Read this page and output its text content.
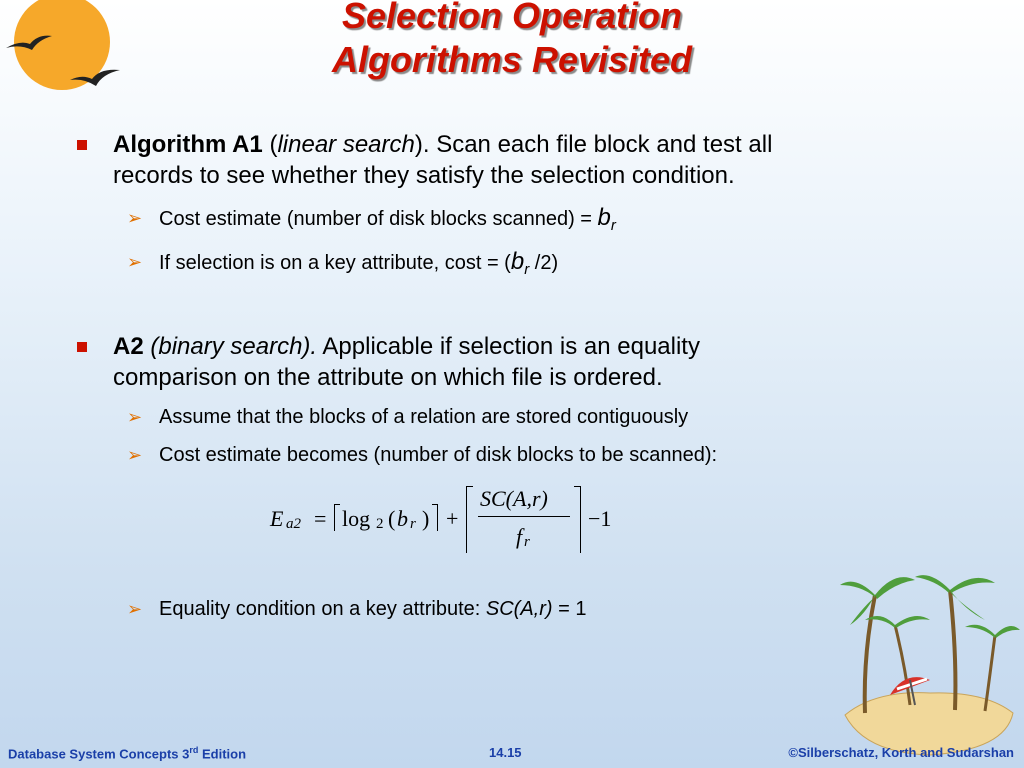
Selection Operation
Algorithms Revisited
Algorithm A1 (linear search). Scan each file block and test all
records to see whether they satisfy the selection condition.
➢ Cost estimate (number of disk blocks scanned) = $b_r$
➢ If selection is on a key attribute, $\cos t = (b_r$ /2)
A2 (binary search). Applicable if selection is an equality
comparison on the attribute on which file is ordered.
➢ Assume that the blocks of a relation are stored contiguously
➢ Cost estimate becomes (number of disk blocks to be scanned):
E a2 = log 2 ( b r ) +
SC(A,r)
f r
−1
➢ Equality condition on a key attribute: SC(A,r) = 1
Database System Concepts 3rd Edition	14.15	©Silberschatz, Korth and Sudarshan
